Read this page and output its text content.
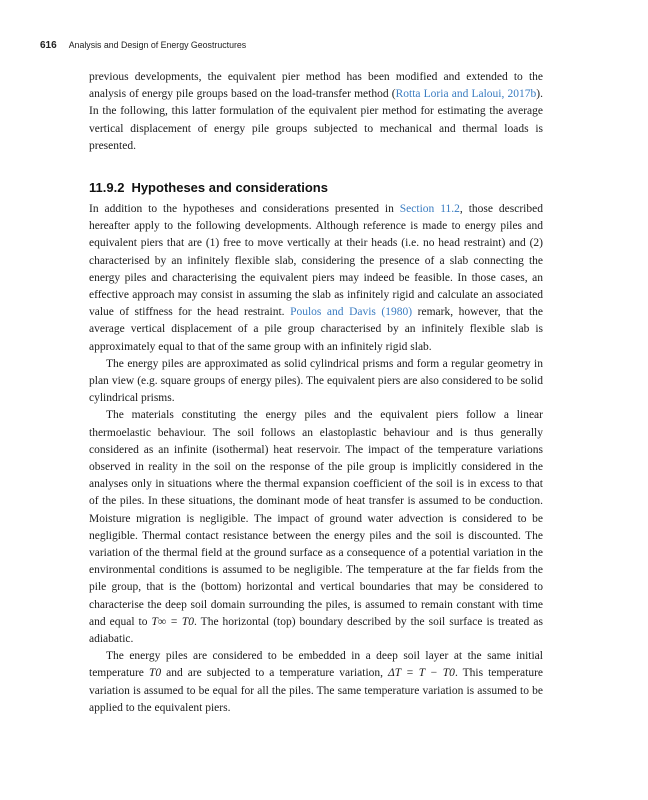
616 Analysis and Design of Energy Geostructures

previous developments, the equivalent pier method has been modified and extended to the analysis of energy pile groups based on the load-transfer method (Rotta Loria and Laloui, 2017b). In the following, this latter formulation of the equivalent pier method for estimating the average vertical displacement of energy pile groups subjected to mechanical and thermal loads is presented.

11.9.2 Hypotheses and considerations

In addition to the hypotheses and considerations presented in Section 11.2, those described hereafter apply to the following developments. Although reference is made to energy piles and equivalent piers that are (1) free to move vertically at their heads (i.e. no head restraint) and (2) characterised by an infinitely flexible slab, considering the presence of a slab connecting the energy piles and characterising the equivalent piers may indeed be feasible. In those cases, an effective approach may consist in assuming the slab as infinitely rigid and calculate an associated value of stiffness for the head restraint. Poulos and Davis (1980) remark, however, that the average vertical displacement of a pile group characterised by an infinitely flexible slab is approximately equal to that of the same group with an infinitely rigid slab.

The energy piles are approximated as solid cylindrical prisms and form a regular geometry in plan view (e.g. square groups of energy piles). The equivalent piers are also considered to be solid cylindrical prisms.

The materials constituting the energy piles and the equivalent piers follow a linear thermoelastic behaviour. The soil follows an elastoplastic behaviour and is thus generally considered as an infinite (isothermal) heat reservoir. The impact of the temperature variations observed in reality in the soil on the response of the pile group is implicitly considered in the analyses only in situations where the thermal expansion coefficient of the soil is in excess to that of the piles. In these situations, the dominant mode of heat transfer is assumed to be conduction. Moisture migration is negligible. The impact of ground water advection is considered to be negligible. Thermal contact resistance between the energy piles and the soil is discounted. The variation of the thermal field at the ground surface as a consequence of a potential variation in the environmental conditions is assumed to be negligible. The temperature at the far fields from the pile group, that is the (bottom) horizontal and vertical boundaries that may be considered to characterise the deep soil domain surrounding the piles, is assumed to remain constant with time and equal to T∞ = T0. The horizontal (top) boundary described by the soil surface is treated as adiabatic.

The energy piles are considered to be embedded in a deep soil layer at the same initial temperature T0 and are subjected to a temperature variation, ΔT = T − T0. This temperature variation is assumed to be equal for all the piles. The same temperature variation is assumed to be applied to the equivalent piers.
